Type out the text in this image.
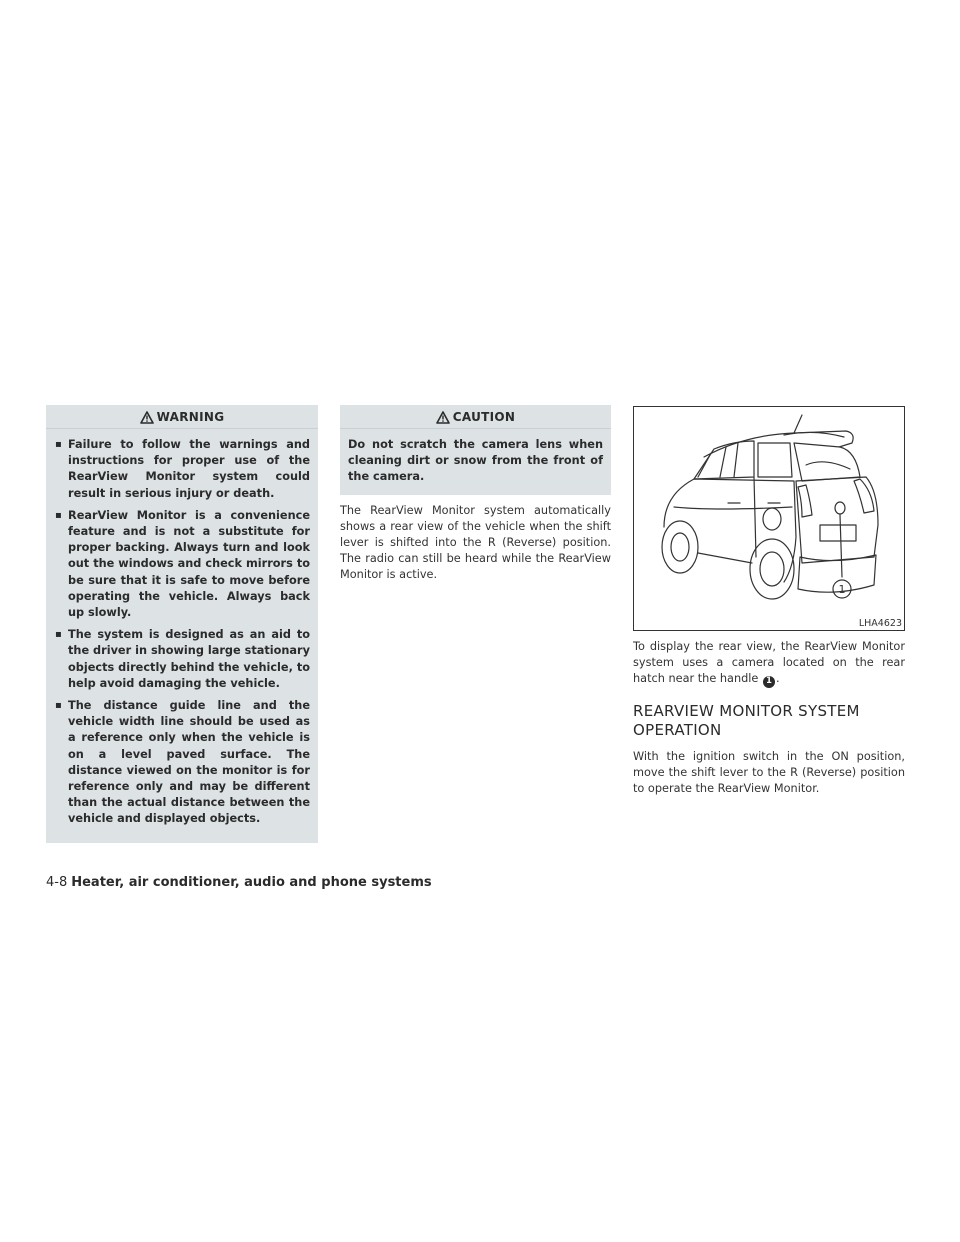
WARNING
▪ Failure to follow the warnings and instructions for proper use of the RearView Monitor system could result in serious injury or death.
▪ RearView Monitor is a convenience feature and is not a substitute for proper backing. Always turn and look out the windows and check mirrors to be sure that it is safe to move before operating the vehicle. Always back up slowly.
▪ The system is designed as an aid to the driver in showing large stationary objects directly behind the vehicle, to help avoid damaging the vehicle.
▪ The distance guide line and the vehicle width line should be used as a reference only when the vehicle is on a level paved surface. The distance viewed on the monitor is for reference only and may be different than the actual distance between the vehicle and displayed objects.
CAUTION

Do not scratch the camera lens when cleaning dirt or snow from the front of the camera.

The RearView Monitor system automatically shows a rear view of the vehicle when the shift lever is shifted into the R (Reverse) position. The radio can still be heard while the RearView Monitor is active.

1
LHA4623

To display the rear view, the RearView Monitor system uses a camera located on the rear hatch near the handle 1 .

REARVIEW MONITOR SYSTEM OPERATION

With the ignition switch in the ON position, move the shift lever to the R (Reverse) position to operate the RearView Monitor.

4-8 Heater, air conditioner, audio and phone systems
